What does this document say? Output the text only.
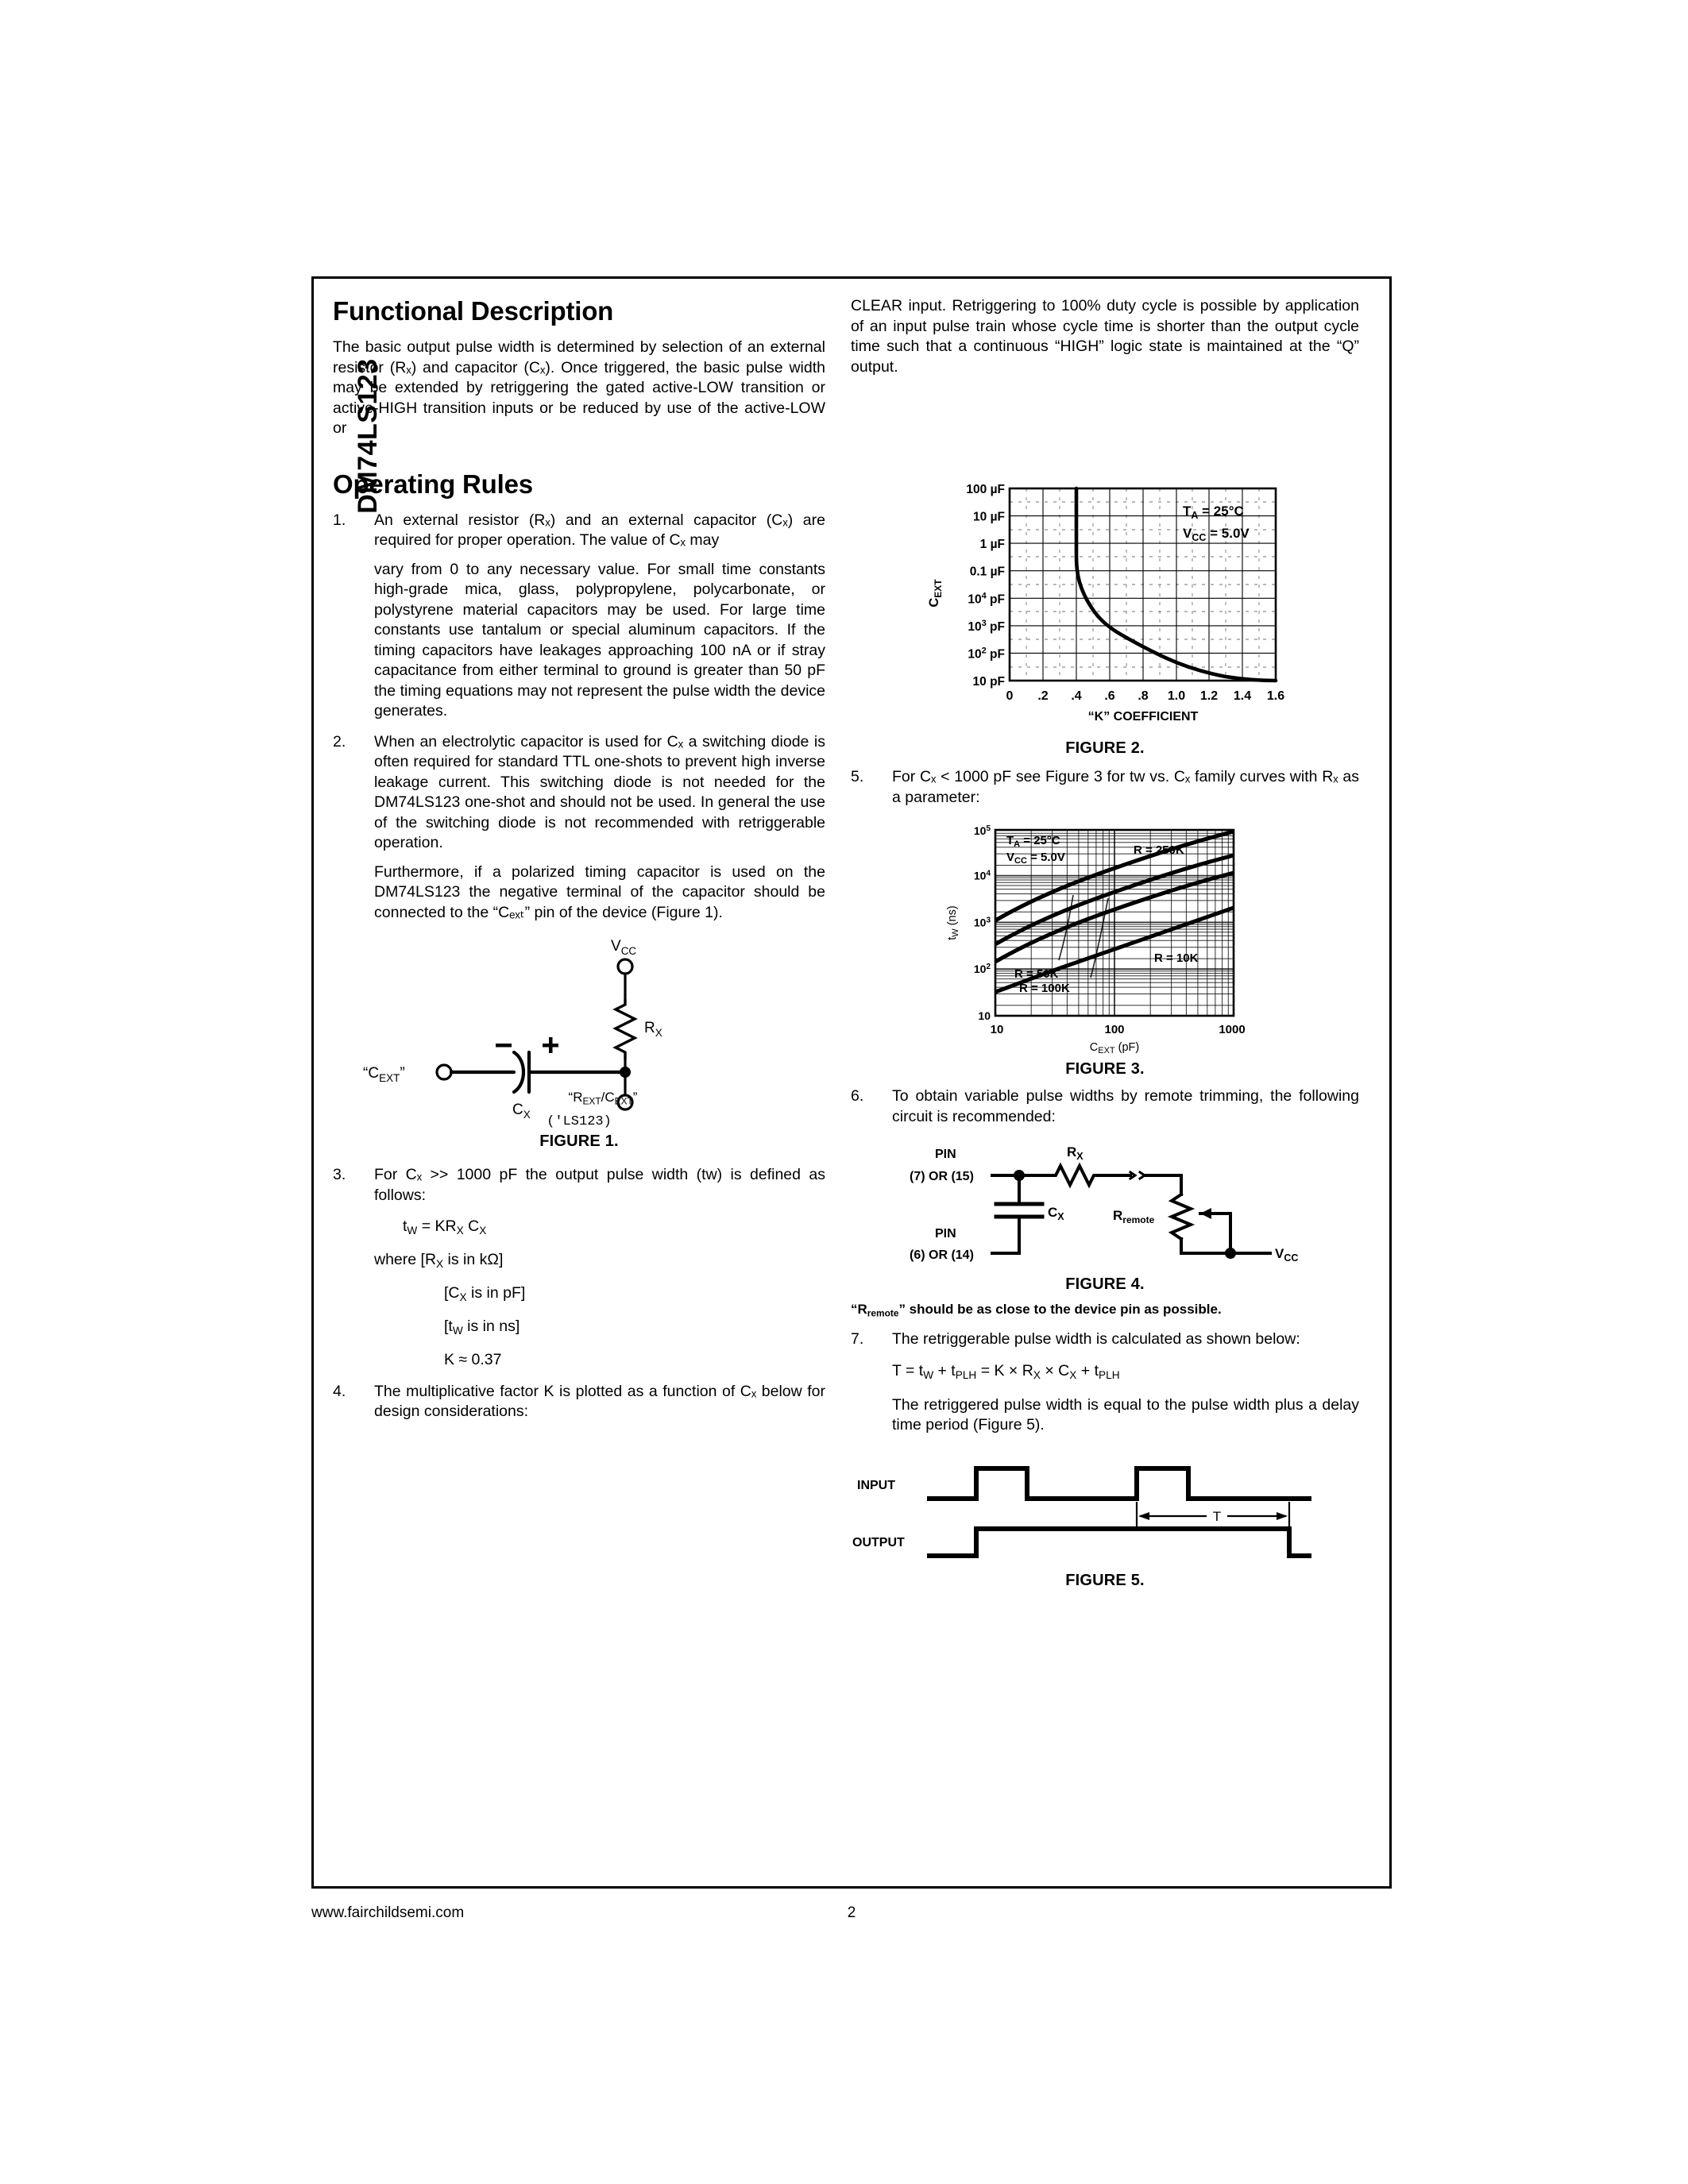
DM74LS123
Functional Description

The basic output pulse width is determined by selection of an external resistor (Rₓ) and capacitor (Cₓ). Once triggered, the basic pulse width may be extended by retriggering the gated active-LOW transition or active-HIGH transition inputs or be reduced by use of the active-LOW or

Operating Rules
1.	An external resistor (Rₓ) and an external capacitor (Cₓ) are required for proper operation. The value of Cₓ may

vary from 0 to any necessary value. For small time constants high-grade mica, glass, polypropylene, polycarbonate, or polystyrene material capacitors may be used. For large time constants use tantalum or special aluminum capacitors. If the timing capacitors have leakages approaching 100 nA or if stray capacitance from either terminal to ground is greater than 50 pF the timing equations may not represent the pulse width the device generates.

2.	When an electrolytic capacitor is used for Cₓ a switching diode is often required for standard TTL one-shots to prevent high inverse leakage current. This switching diode is not needed for the DM74LS123 one-shot and should not be used. In general the use of the switching diode is not recommended with retriggerable operation.

Furthermore, if a polarized timing capacitor is used on the DM74LS123 the negative terminal of the capacitor should be connected to the “Cₑₓₜ” pin of the device (Figure 1).

$V_{CC}$
$R_X$
$C_X$
“$C_{EXT}$”
“$R_{EXT}/C_{EXT}$”
('LS123)
FIGURE 1.
3.	For Cₓ >> 1000 pF the output pulse width (tᴡ) is defined as follows:

$t_W = KR_X$ $C_X$
where [$R_X$ is in kΩ]
[$C_X$ is in pF]
[$t_W$ is in ns]
K ≈ 0.37
4.	The multiplicative factor K is plotted as a function of Cₓ below for design considerations:

CLEAR input. Retriggering to 100% duty cycle is possible by application of an input pulse train whose cycle time is shorter than the output cycle time such that a continuous “HIGH” logic state is maintained at the “Q” output.

100 µF
10 µF
1 µF
0.1 µF
$10^4$ pF
$10^3$ pF
$10^2$ pF
10 pF
$C_{EXT}$
0 .2 .4 .6 .8 1.0 1.2 1.4 1.6
“K” COEFFICIENT
$T_A = 25^\circ C$
$V_{CC} = 5.0V$
FIGURE 2.
5.	For Cₓ < 1000 pF see Figure 3 for tᴡ vs. Cₓ family curves with Rₓ as a parameter:

$10^5$
$10^4$
$10^3$
$10^2$
10
$t_W$ (ns)
10	100	1000
$C_{EXT}$ (pF)
$T_A = 25^\circ C$
$V_{CC} = 5.0V$
R = 250K
R = 10K
R = 50K
R = 100K
FIGURE 3.
6.	To obtain variable pulse widths by remote trimming, the following circuit is recommended:

PIN
(7) OR (15)
PIN
(6) OR (14)
$R_X$
$C_X$	$R_{remote}$
$V_{CC}$
FIGURE 4.
“$R_{remote}$” should be as close to the device pin as possible.
7.	The retriggerable pulse width is calculated as shown below:

$T = t_W + t_{PLH} = K \times R_X \times C_X + t_{PLH}$

The retriggered pulse width is equal to the pulse width plus a delay time period (Figure 5).

T
INPUT
OUTPUT
FIGURE 5.
www.fairchildsemi.com	2
